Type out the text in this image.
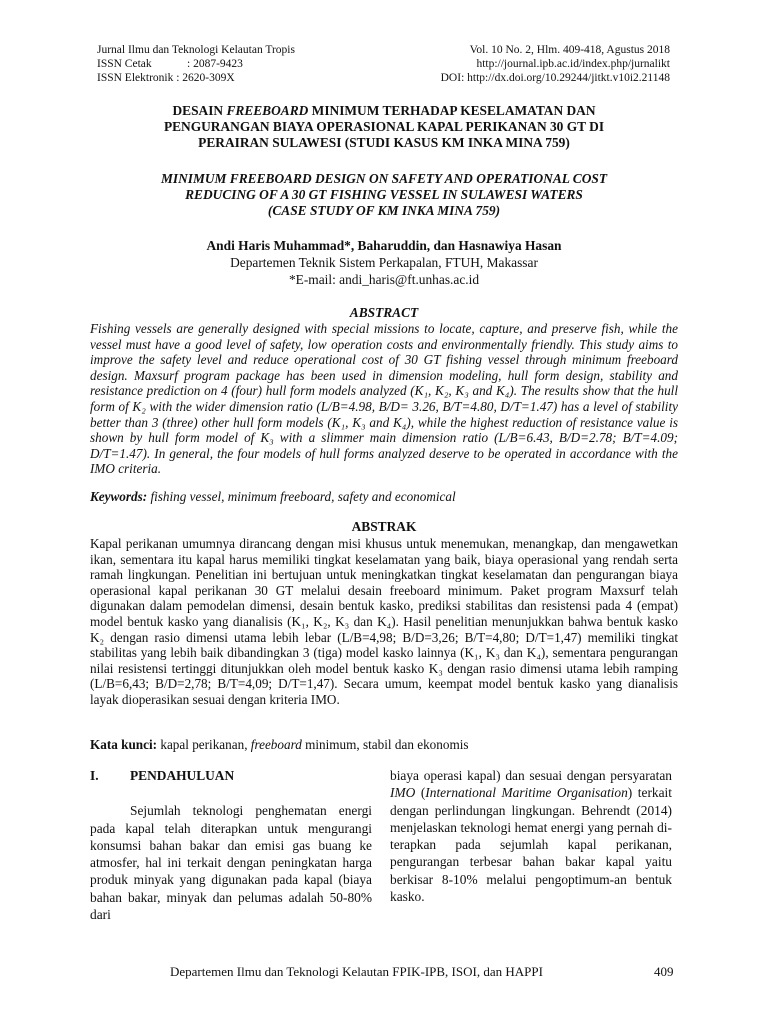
Jurnal Ilmu dan Teknologi Kelautan Tropis
ISSN Cetak	: 2087-9423
ISSN Elektronik : 2620-309X
Vol. 10 No. 2, Hlm. 409-418, Agustus 2018
http://journal.ipb.ac.id/index.php/jurnalikt
DOI: http://dx.doi.org/10.29244/jitkt.v10i2.21148
DESAIN FREEBOARD MINIMUM TERHADAP KESELAMATAN DAN
PENGURANGAN BIAYA OPERASIONAL KAPAL PERIKANAN 30 GT DI
PERAIRAN SULAWESI (STUDI KASUS KM INKA MINA 759)
MINIMUM FREEBOARD DESIGN ON SAFETY AND OPERATIONAL COST
REDUCING OF A 30 GT FISHING VESSEL IN SULAWESI WATERS
(CASE STUDY OF KM INKA MINA 759)
Andi Haris Muhammad*, Baharuddin, dan Hasnawiya Hasan
Departemen Teknik Sistem Perkapalan, FTUH, Makassar
*E-mail: andi_haris@ft.unhas.ac.id
ABSTRACT
Fishing vessels are generally designed with special missions to locate, capture, and preserve fish, while the vessel must have a good level of safety, low operation costs and environmentally friendly. This study aims to improve the safety level and reduce operational cost of 30 GT fishing vessel through minimum freeboard design. Maxsurf program package has been used in dimension modeling, hull form design, stability and resistance prediction on 4 (four) hull form models analyzed (K₁, K₂, K₃ and K₄). The results show that the hull form of K₂ with the wider dimension ratio (L/B=4.98, B/D= 3.26, B/T=4.80, D/T=1.47) has a level of stability better than 3 (three) other hull form models (K₁, K₃ and K₄), while the highest reduction of resistance value is shown by hull form model of K₃ with a slimmer main dimension ratio (L/B=6.43, B/D=2.78; B/T=4.09; D/T=1.47). In general, the four models of hull forms analyzed deserve to be operated in accordance with the IMO criteria.
Keywords: fishing vessel, minimum freeboard, safety and economical
ABSTRAK
Kapal perikanan umumnya dirancang dengan misi khusus untuk menemukan, menangkap, dan mengawetkan ikan, sementara itu kapal harus memiliki tingkat keselamatan yang baik, biaya operasional yang rendah serta ramah lingkungan. Penelitian ini bertujuan untuk meningkatkan tingkat keselamatan dan pengurangan biaya operasional kapal perikanan 30 GT melalui desain freeboard minimum. Paket program Maxsurf telah digunakan dalam pemodelan dimensi, desain bentuk kasko, prediksi stabilitas dan resistensi pada 4 (empat) model bentuk kasko yang dianalisis (K₁, K₂, K₃ dan K₄). Hasil penelitian menunjukkan bahwa bentuk kasko K₂ dengan rasio dimensi utama lebih lebar (L/B=4,98; B/D=3,26; B/T=4,80; D/T=1,47) memiliki tingkat stabilitas yang lebih baik dibandingkan 3 (tiga) model kasko lainnya (K₁, K₃ dan K₄), sementara pengurangan nilai resistensi tertinggi ditunjukkan oleh model bentuk kasko K₃ dengan rasio dimensi utama lebih ramping (L/B=6,43; B/D=2,78; B/T=4,09; D/T=1,47). Secara umum, keempat model bentuk kasko yang dianalisis layak dioperasikan sesuai dengan kriteria IMO.
Kata kunci: kapal perikanan, freeboard minimum, stabil dan ekonomis
I.	PENDAHULUAN
Sejumlah teknologi penghematan energi pada kapal telah diterapkan untuk mengurangi konsumsi bahan bakar dan emisi gas buang ke atmosfer, hal ini terkait dengan peningkatan harga produk minyak yang digunakan pada kapal (biaya bahan bakar, minyak dan pelumas adalah 50-80% dari
biaya operasi kapal) dan sesuai dengan persyaratan IMO (International Maritime Organisation) terkait dengan perlindungan lingkungan. Behrendt (2014) menjelaskan teknologi hemat energi yang pernah di-terapkan pada sejumlah kapal perikanan, pengurangan terbesar bahan bakar kapal yaitu berkisar 8-10% melalui pengoptimum-an bentuk kasko.
Departemen Ilmu dan Teknologi Kelautan FPIK-IPB, ISOI, dan HAPPI	409
